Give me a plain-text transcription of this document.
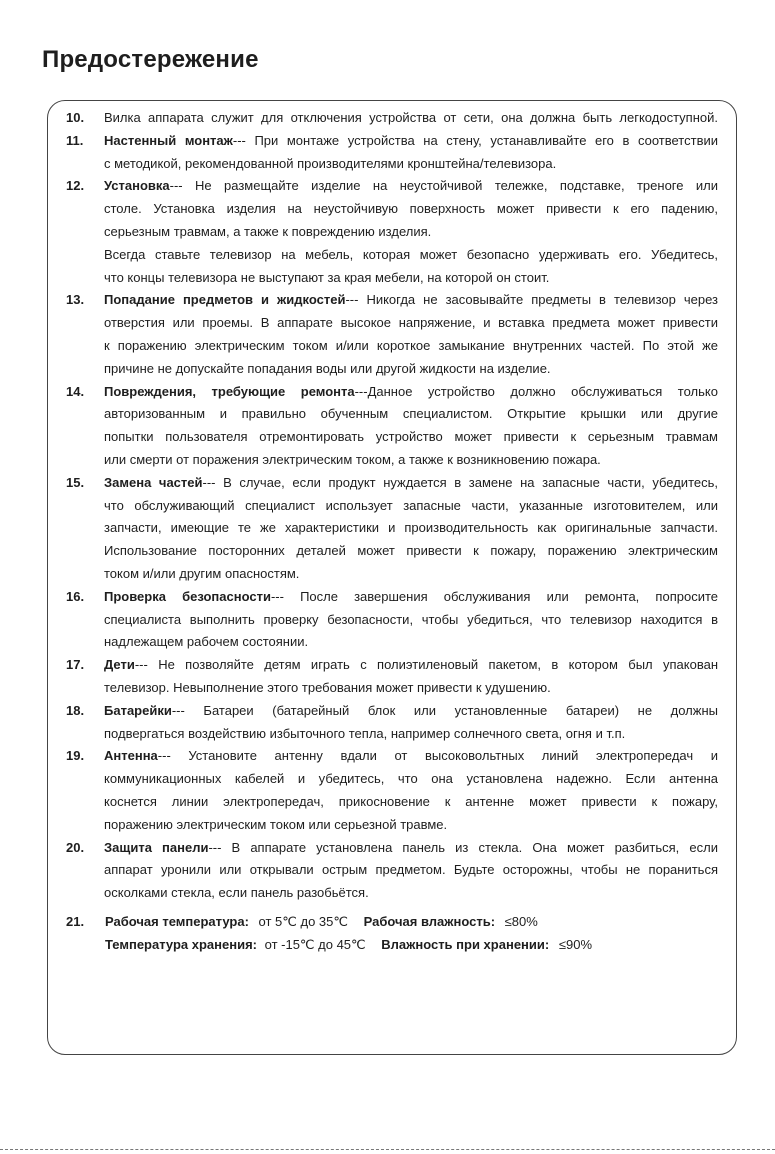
Предостережение
10. Вилка аппарата служит для отключения устройства от сети, она должна быть легкодоступной.
11. Настенный монтаж--- При монтаже устройства на стену, устанавливайте его в соответствии
с методикой, рекомендованной производителями кронштейна/телевизора.
12. Установка--- Не размещайте изделие на неустойчивой тележке, подставке, треноге или
столе. Установка изделия на неустойчивую поверхность может привести к его падению,
серьезным травмам, а также к повреждению изделия.
Всегда ставьте телевизор на мебель, которая может безопасно удерживать его. Убедитесь,
что концы телевизора не выступают за края мебели, на которой он стоит.
13. Попадание предметов и жидкостей--- Никогда не засовывайте предметы в телевизор через
отверстия или проемы. В аппарате высокое напряжение, и вставка предмета может привести
к поражению электрическим током и/или короткое замыкание внутренних частей. По этой же
причине не допускайте попадания воды или другой жидкости на изделие.
14. Повреждения, требующие ремонта---Данное устройство должно обслуживаться только
авторизованным и правильно обученным специалистом. Открытие крышки или другие
попытки пользователя отремонтировать устройство может привести к серьезным травмам
или смерти от поражения электрическим током, а также к возникновению пожара.
15. Замена частей--- В случае, если продукт нуждается в замене на запасные части, убедитесь,
что обслуживающий специалист использует запасные части, указанные изготовителем, или
запчасти, имеющие те же характеристики и производительность как оригинальные запчасти.
Использование посторонних деталей может привести к пожару, поражению электрическим
током и/или другим опасностям.
16. Проверка безопасности--- После завершения обслуживания или ремонта, попросите
специалиста выполнить проверку безопасности, чтобы убедиться, что телевизор находится в
надлежащем рабочем состоянии.
17. Дети--- Не позволяйте детям играть с полиэтиленовый пакетом, в котором был упакован
телевизор. Невыполнение этого требования может привести к удушению.
18. Батарейки--- Батареи (батарейный блок или установленные батареи) не должны
подвергаться воздействию избыточного тепла, например солнечного света, огня и т.п.
19. Антенна--- Установите антенну вдали от высоковольтных линий электропередач и
коммуникационных кабелей и убедитесь, что она установлена надежно. Если антенна
коснется линии электропередач, прикосновение к антенне может привести к пожару,
поражению электрическим током или серьезной травме.
20. Защита панели--- В аппарате установлена панель из стекла. Она может разбиться, если
аппарат уронили или открывали острым предметом. Будьте осторожны, чтобы не пораниться
осколками стекла, если панель разобьётся.
21. Рабочая температура: от 5℃ до 35℃ Рабочая влажность: ≤80%
Температура хранения: от -15℃ до 45℃ Влажность при хранении: ≤90%
